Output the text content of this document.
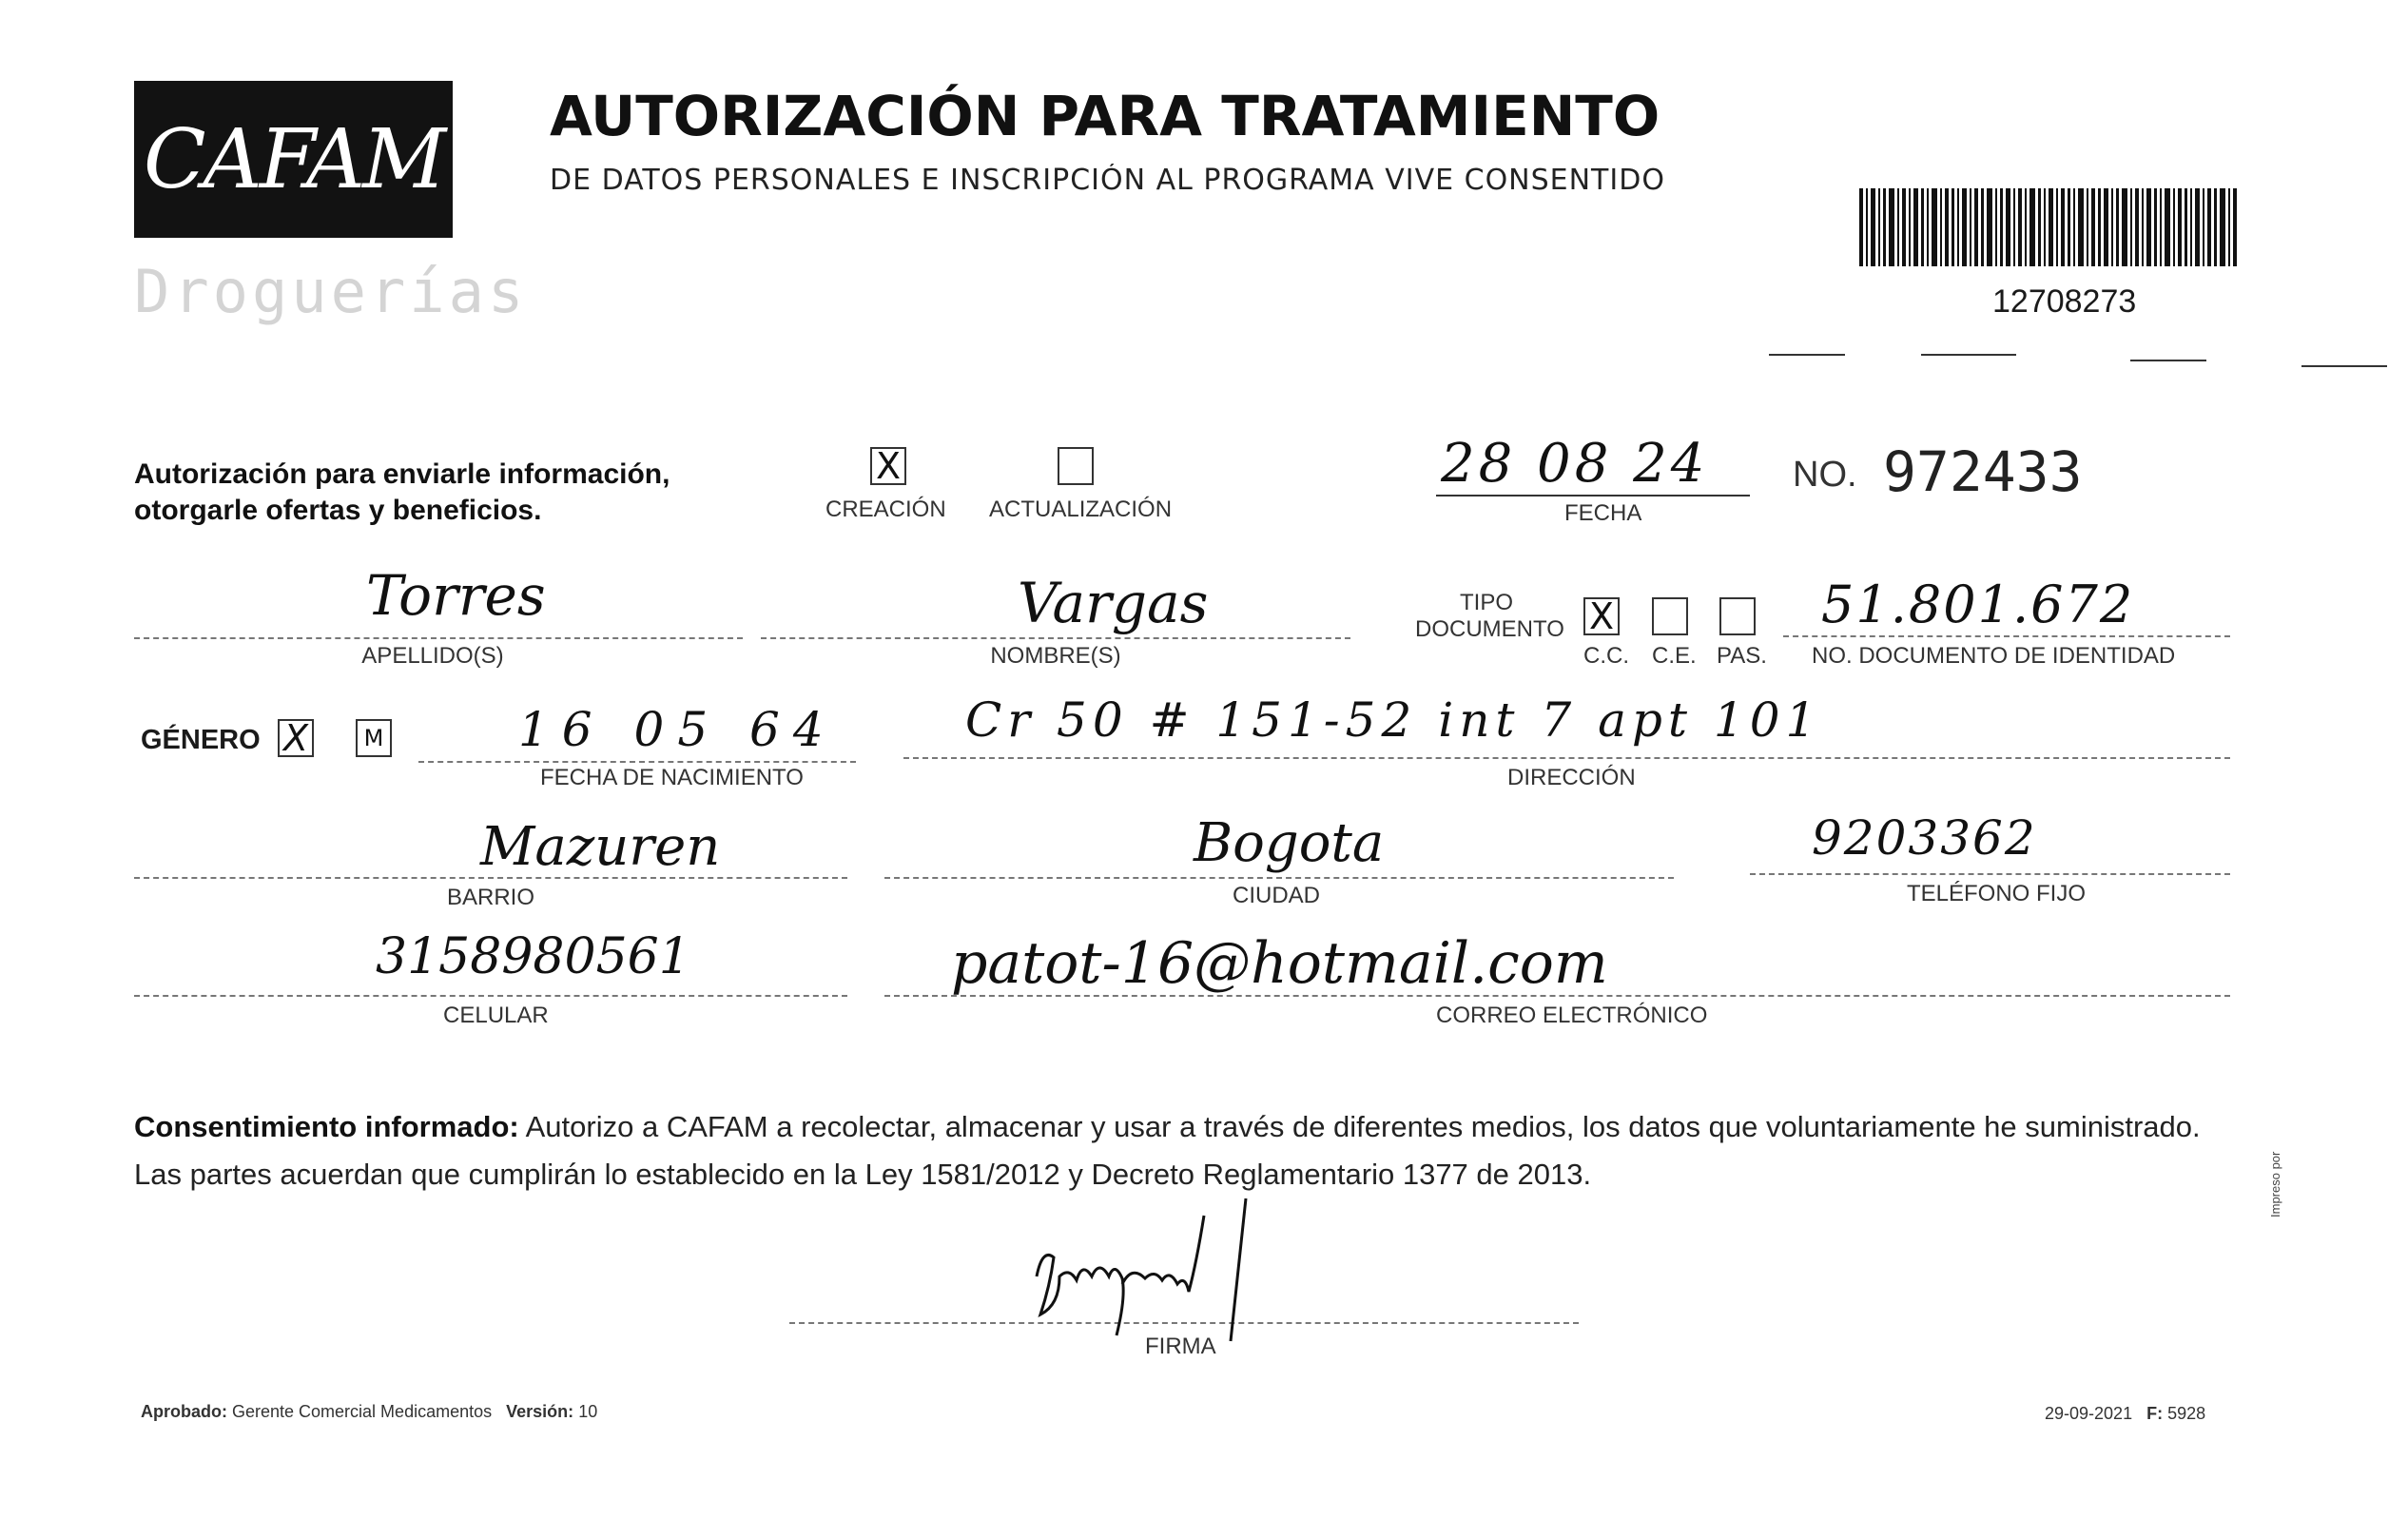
CAFAM
Droguerías
AUTORIZACIÓN PARA TRATAMIENTO
DE DATOS PERSONALES E INSCRIPCIÓN AL PROGRAMA VIVE CONSENTIDO
12708273
Autorización para enviarle información,
otorgarle ofertas y beneficios.
X
CREACIÓN ACTUALIZACIÓN
28 08 24
FECHA
NO. 972433
Torres
APELLIDO(S)
Vargas
NOMBRE(S)
TIPO
DOCUMENTO X
C.C. C.E. PAS.
51.801.672
NO. DOCUMENTO DE IDENTIDAD
GÉNERO X	M	16 05 64
FECHA DE NACIMIENTO
Cr 50 # 151-52 int 7 apt 101
DIRECCIÓN
Mazuren
BARRIO
Bogota
CIUDAD
9203362
TELÉFONO FIJO
3158980561
CELULAR
patot-16@hotmail.com
CORREO ELECTRÓNICO
Consentimiento informado: Autorizo a CAFAM a recolectar, almacenar y usar a través de diferentes medios, los datos que voluntariamente he suministrado.
Las partes acuerdan que cumplirán lo establecido en la Ley 1581/2012 y Decreto Reglamentario 1377 de 2013.
FIRMA
Aprobado: Gerente Comercial Medicamentos Versión: 10	29-09-2021 F: 5928
Impreso por
